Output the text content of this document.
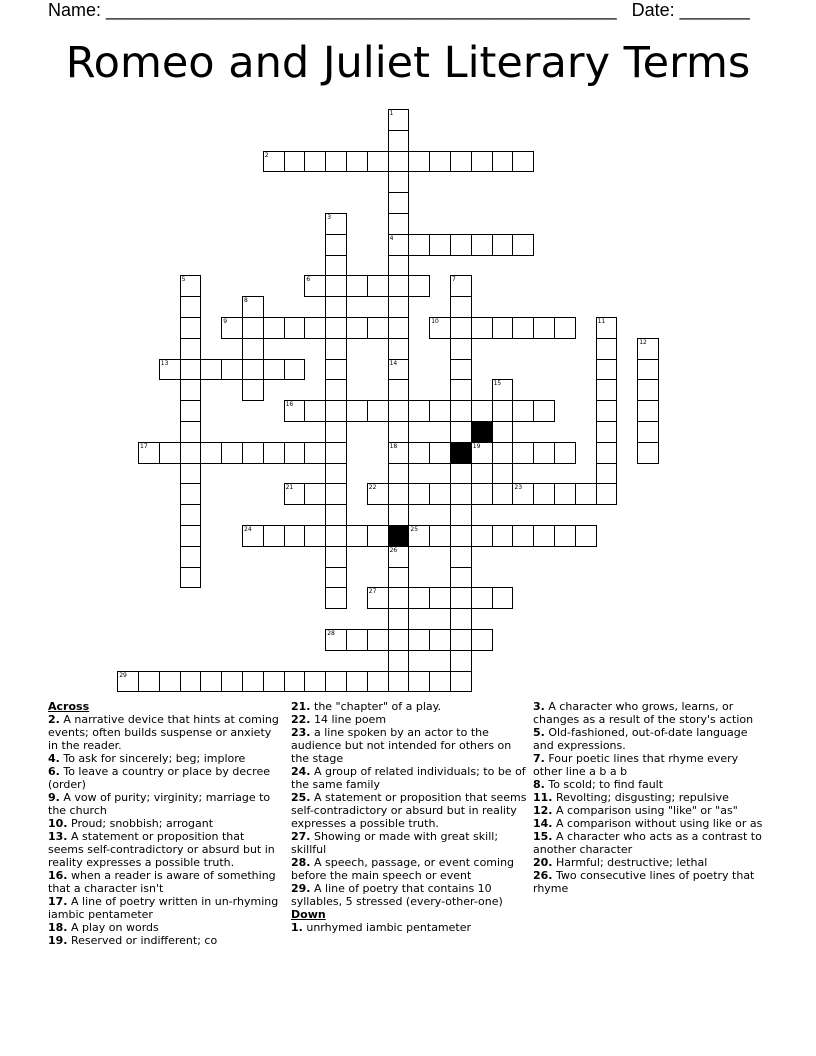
Name: ___________________________________________________ Date: _______
Romeo and Juliet Literary Terms
1
2
3
4
5	6	7
8
9	10	11
12
13	14
15
16
17	18	19
20
21	22	23
24	25
26
27
28
29

Across

2. A narrative device that hints at coming events; often builds suspense or anxiety in the reader.

4. To ask for sincerely; beg; implore

6. To leave a country or place by decree (order)

9. A vow of purity; virginity; marriage to the church

10. Proud; snobbish; arrogant

13. A statement or proposition that seems self-contradictory or absurd but in reality expresses a possible truth.

16. when a reader is aware of something that a character isn't

17. A line of poetry written in un-rhyming iambic pentameter

18. A play on words

19. Reserved or indifferent; co

21. the "chapter" of a play.

22. 14 line poem

23. a line spoken by an actor to the audience but not intended for others on the stage

24. A group of related individuals; to be of the same family

25. A statement or proposition that seems self-contradictory or absurd but in reality expresses a possible truth.

27. Showing or made with great skill; skillful

28. A speech, passage, or event coming before the main speech or event

29. A line of poetry that contains 10 syllables, 5 stressed (every-other-one)

Down

1. unrhymed iambic pentameter

3. A character who grows, learns, or changes as a result of the story's action

5. Old-fashioned, out-of-date language and expressions.

7. Four poetic lines that rhyme every other line a b a b

8. To scold; to find fault

11. Revolting; disgusting; repulsive

12. A comparison using "like" or "as"

14. A comparison without using like or as

15. A character who acts as a contrast to another character

20. Harmful; destructive; lethal

26. Two consecutive lines of poetry that rhyme
